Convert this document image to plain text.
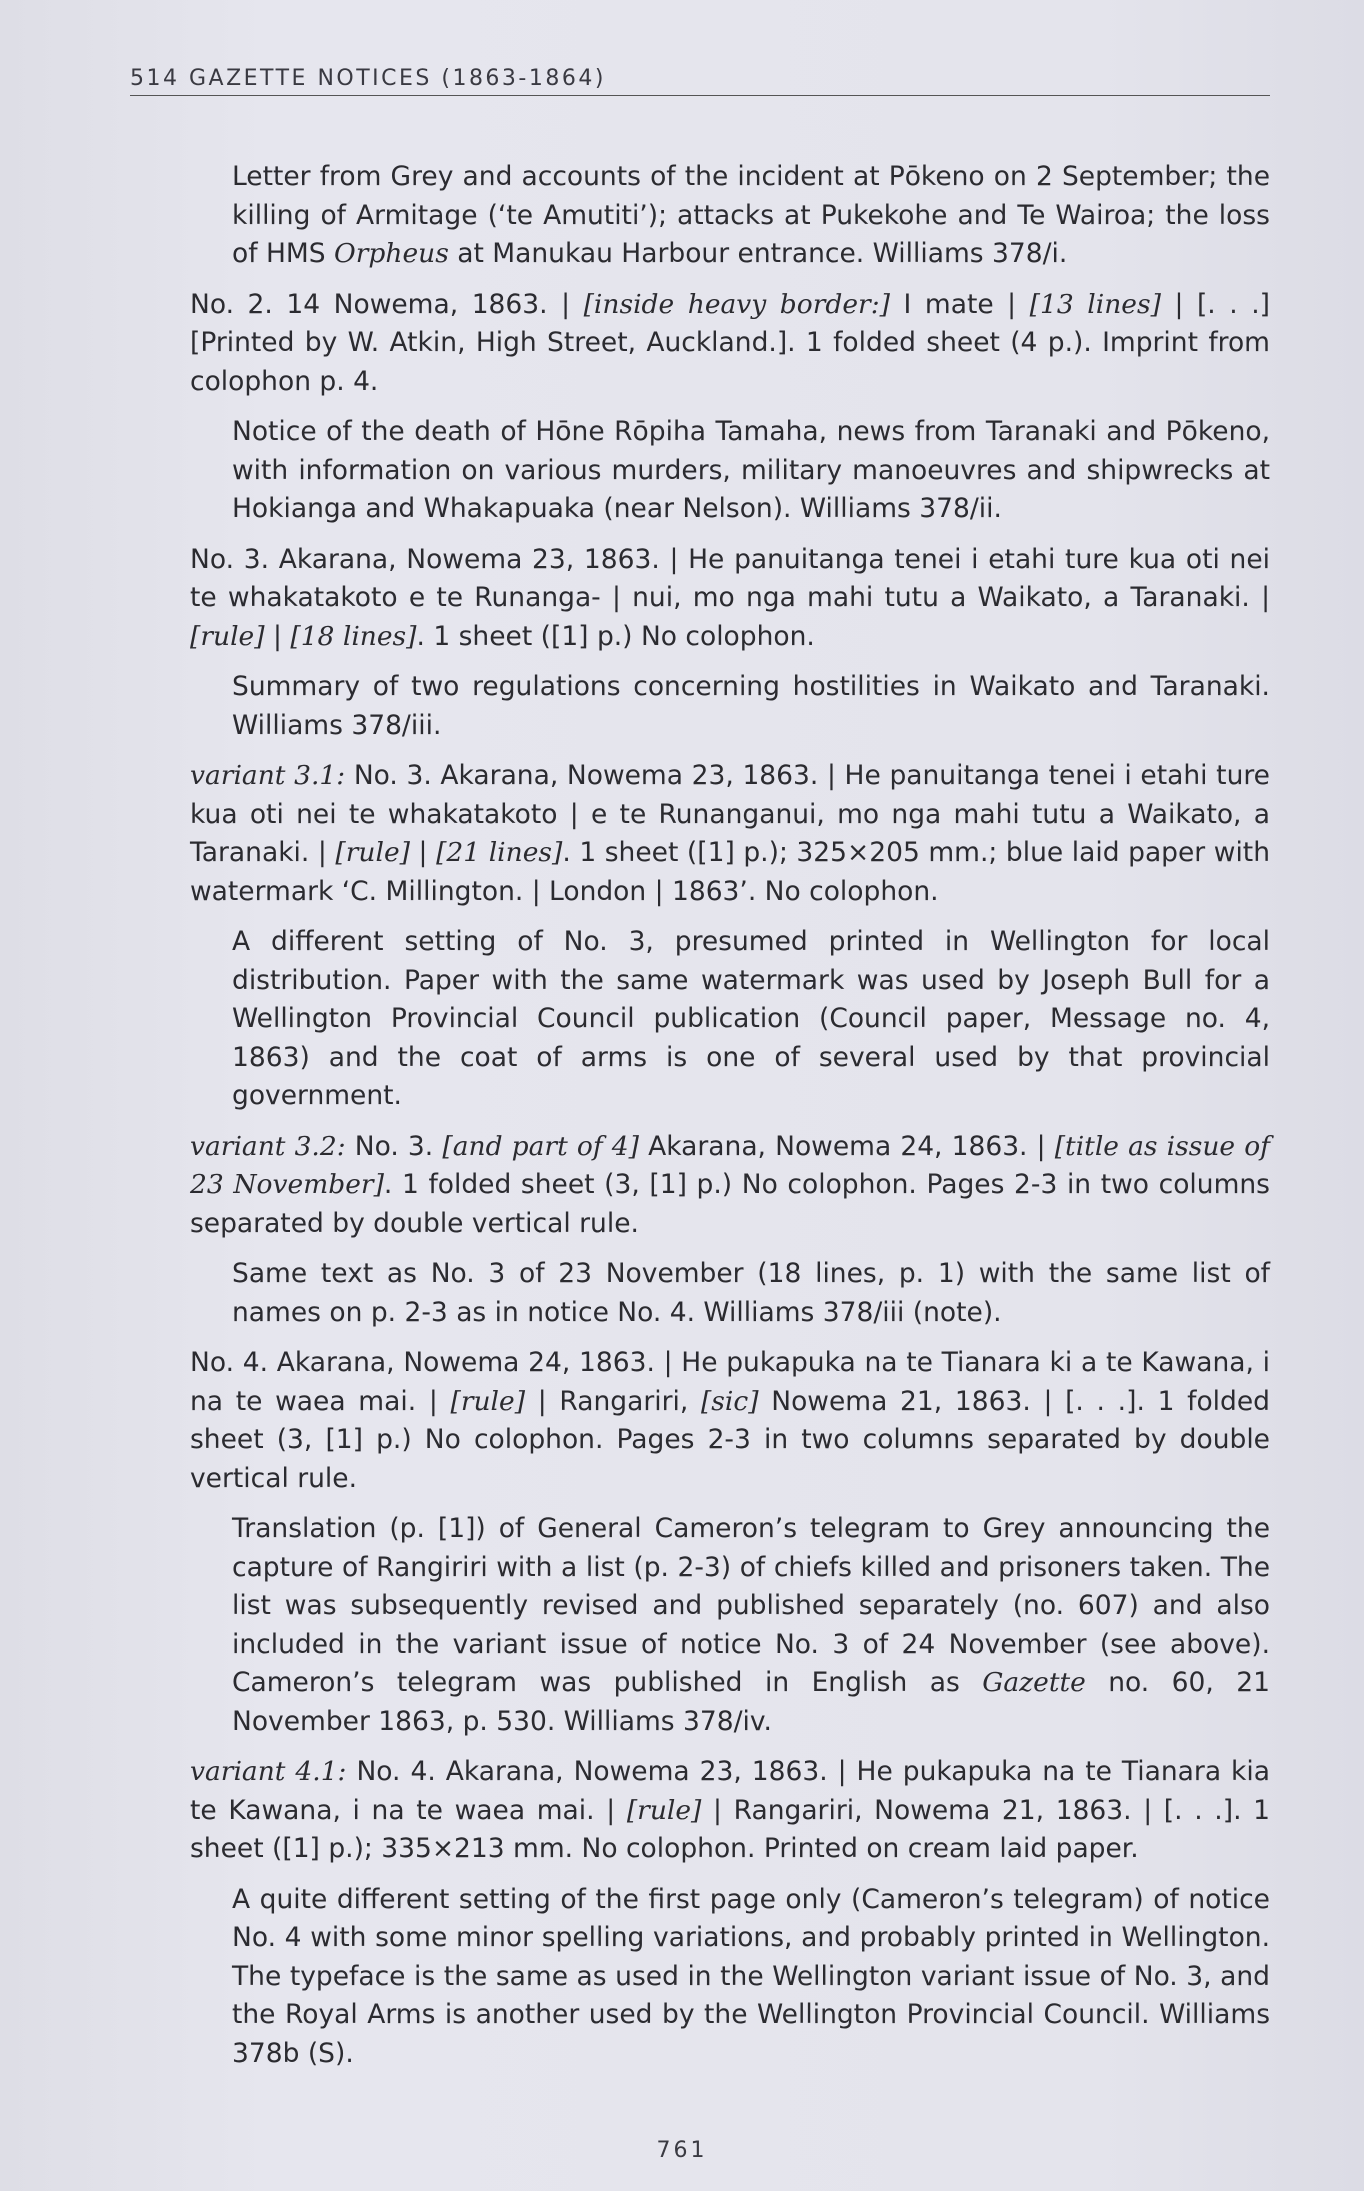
514 GAZETTE NOTICES (1863-1864)

Letter from Grey and accounts of the incident at Pōkeno on 2 September; the killing of Armitage (‘te Amutiti’); attacks at Pukekohe and Te Wairoa; the loss of HMS Orpheus at Manukau Harbour entrance. Williams 378/i.

No. 2. 14 Nowema, 1863. | [inside heavy border:] I mate | [13 lines] | [. . .] [Printed by W. Atkin, High Street, Auckland.]. 1 folded sheet (4 p.). Imprint from colophon p. 4.

Notice of the death of Hōne Rōpiha Tamaha, news from Taranaki and Pōkeno, with information on various murders, military manoeuvres and shipwrecks at Hokianga and Whakapuaka (near Nelson). Williams 378/ii.

No. 3. Akarana, Nowema 23, 1863. | He panuitanga tenei i etahi ture kua oti nei te whakatakoto e te Runanga- | nui, mo nga mahi tutu a Waikato, a Taranaki. | [rule] | [18 lines]. 1 sheet ([1] p.) No colophon.

Summary of two regulations concerning hostilities in Waikato and Taranaki. Williams 378/iii.

variant 3.1: No. 3. Akarana, Nowema 23, 1863. | He panuitanga tenei i etahi ture kua oti nei te whakatakoto | e te Runanganui, mo nga mahi tutu a Waikato, a Taranaki. | [rule] | [21 lines]. 1 sheet ([1] p.); 325×205 mm.; blue laid paper with watermark ‘C. Millington. | London | 1863’. No colophon.

A different setting of No. 3, presumed printed in Wellington for local distribution. Paper with the same watermark was used by Joseph Bull for a Wellington Provincial Council publication (Council paper, Message no. 4, 1863) and the coat of arms is one of several used by that provincial government.

variant 3.2: No. 3. [and part of 4] Akarana, Nowema 24, 1863. | [title as issue of 23 November]. 1 folded sheet (3, [1] p.) No colophon. Pages 2-3 in two columns separated by double vertical rule.

Same text as No. 3 of 23 November (18 lines, p. 1) with the same list of names on p. 2-3 as in notice No. 4. Williams 378/iii (note).

No. 4. Akarana, Nowema 24, 1863. | He pukapuka na te Tianara ki a te Kawana, i na te waea mai. | [rule] | Rangariri, [sic] Nowema 21, 1863. | [. . .]. 1 folded sheet (3, [1] p.) No colophon. Pages 2-3 in two columns separated by double vertical rule.

Translation (p. [1]) of General Cameron’s telegram to Grey announcing the capture of Rangiriri with a list (p. 2-3) of chiefs killed and prisoners taken. The list was subsequently revised and published separately (no. 607) and also included in the variant issue of notice No. 3 of 24 November (see above). Cameron’s telegram was published in English as Gazette no. 60, 21 November 1863, p. 530. Williams 378/iv.

variant 4.1: No. 4. Akarana, Nowema 23, 1863. | He pukapuka na te Tianara kia te Kawana, i na te waea mai. | [rule] | Rangariri, Nowema 21, 1863. | [. . .]. 1 sheet ([1] p.); 335×213 mm. No colophon. Printed on cream laid paper.

A quite different setting of the first page only (Cameron’s telegram) of notice No. 4 with some minor spelling variations, and probably printed in Wellington. The typeface is the same as used in the Wellington variant issue of No. 3, and the Royal Arms is another used by the Wellington Provincial Council. Williams 378b (S).

761
